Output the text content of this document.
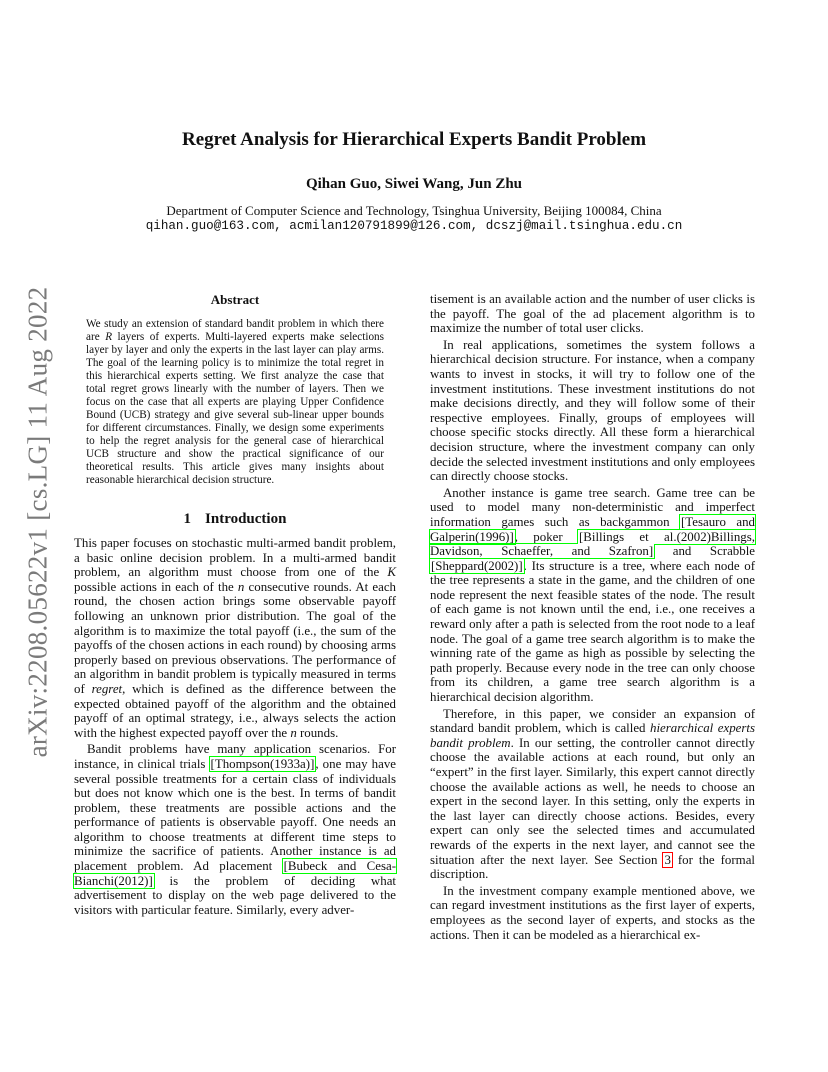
arXiv:2208.05622v1 [cs.LG] 11 Aug 2022
Regret Analysis for Hierarchical Experts Bandit Problem
Qihan Guo, Siwei Wang, Jun Zhu
Department of Computer Science and Technology, Tsinghua University, Beijing 100084, China
qihan.guo@163.com, acmilan120791899@126.com, dcszj@mail.tsinghua.edu.cn
Abstract

We study an extension of standard bandit problem in which there are R layers of experts. Multi-layered experts make selections layer by layer and only the experts in the last layer can play arms. The goal of the learning policy is to minimize the total regret in this hierarchical experts setting. We first analyze the case that total regret grows linearly with the number of layers. Then we focus on the case that all experts are playing Upper Confidence Bound (UCB) strategy and give several sub-linear upper bounds for different circumstances. Finally, we design some experiments to help the regret analysis for the general case of hierarchical UCB structure and show the practical significance of our theoretical results. This article gives many insights about reasonable hierarchical decision structure.

1 Introduction

This paper focuses on stochastic multi-armed bandit problem, a basic online decision problem. In a multi-armed bandit problem, an algorithm must choose from one of the K possible actions in each of the n consecutive rounds. At each round, the chosen action brings some observable payoff following an unknown prior distribution. The goal of the algorithm is to maximize the total payoff (i.e., the sum of the payoffs of the chosen actions in each round) by choosing arms properly based on previous observations. The performance of an algorithm in bandit problem is typically measured in terms of regret, which is defined as the difference between the expected obtained payoff of the algorithm and the obtained payoff of an optimal strategy, i.e., always selects the action with the highest expected payoff over the n rounds.

Bandit problems have many application scenarios. For instance, in clinical trials [Thompson(1933a)], one may have several possible treatments for a certain class of individuals but does not know which one is the best. In terms of bandit problem, these treatments are possible actions and the performance of patients is observable payoff. One needs an algorithm to choose treatments at different time steps to minimize the sacrifice of patients. Another instance is ad placement problem. Ad placement [Bubeck and Cesa-Bianchi(2012)] is the problem of deciding what advertisement to display on the web page delivered to the visitors with particular feature. Similarly, every adver-

tisement is an available action and the number of user clicks is the payoff. The goal of the ad placement algorithm is to maximize the number of total user clicks.

In real applications, sometimes the system follows a hierarchical decision structure. For instance, when a company wants to invest in stocks, it will try to follow one of the investment institutions. These investment institutions do not make decisions directly, and they will follow some of their respective employees. Finally, groups of employees will choose specific stocks directly. All these form a hierarchical decision structure, where the investment company can only decide the selected investment institutions and only employees can directly choose stocks.

Another instance is game tree search. Game tree can be used to model many non-deterministic and imperfect information games such as backgammon [Tesauro and Galperin(1996)], poker [Billings et al.(2002)Billings, Davidson, Schaeffer, and Szafron] and Scrabble [Sheppard(2002)]. Its structure is a tree, where each node of the tree represents a state in the game, and the children of one node represent the next feasible states of the node. The result of each game is not known until the end, i.e., one receives a reward only after a path is selected from the root node to a leaf node. The goal of a game tree search algorithm is to make the winning rate of the game as high as possible by selecting the path properly. Because every node in the tree can only choose from its children, a game tree search algorithm is a hierarchical decision algorithm.

Therefore, in this paper, we consider an expansion of standard bandit problem, which is called hierarchical experts bandit problem. In our setting, the controller cannot directly choose the available actions at each round, but only an “expert” in the first layer. Similarly, this expert cannot directly choose the available actions as well, he needs to choose an expert in the second layer. In this setting, only the experts in the last layer can directly choose actions. Besides, every expert can only see the selected times and accumulated rewards of the experts in the next layer, and cannot see the situation after the next layer. See Section 3 for the formal discription.

In the investment company example mentioned above, we can regard investment institutions as the first layer of experts, employees as the second layer of experts, and stocks as the actions. Then it can be modeled as a hierarchical ex-
